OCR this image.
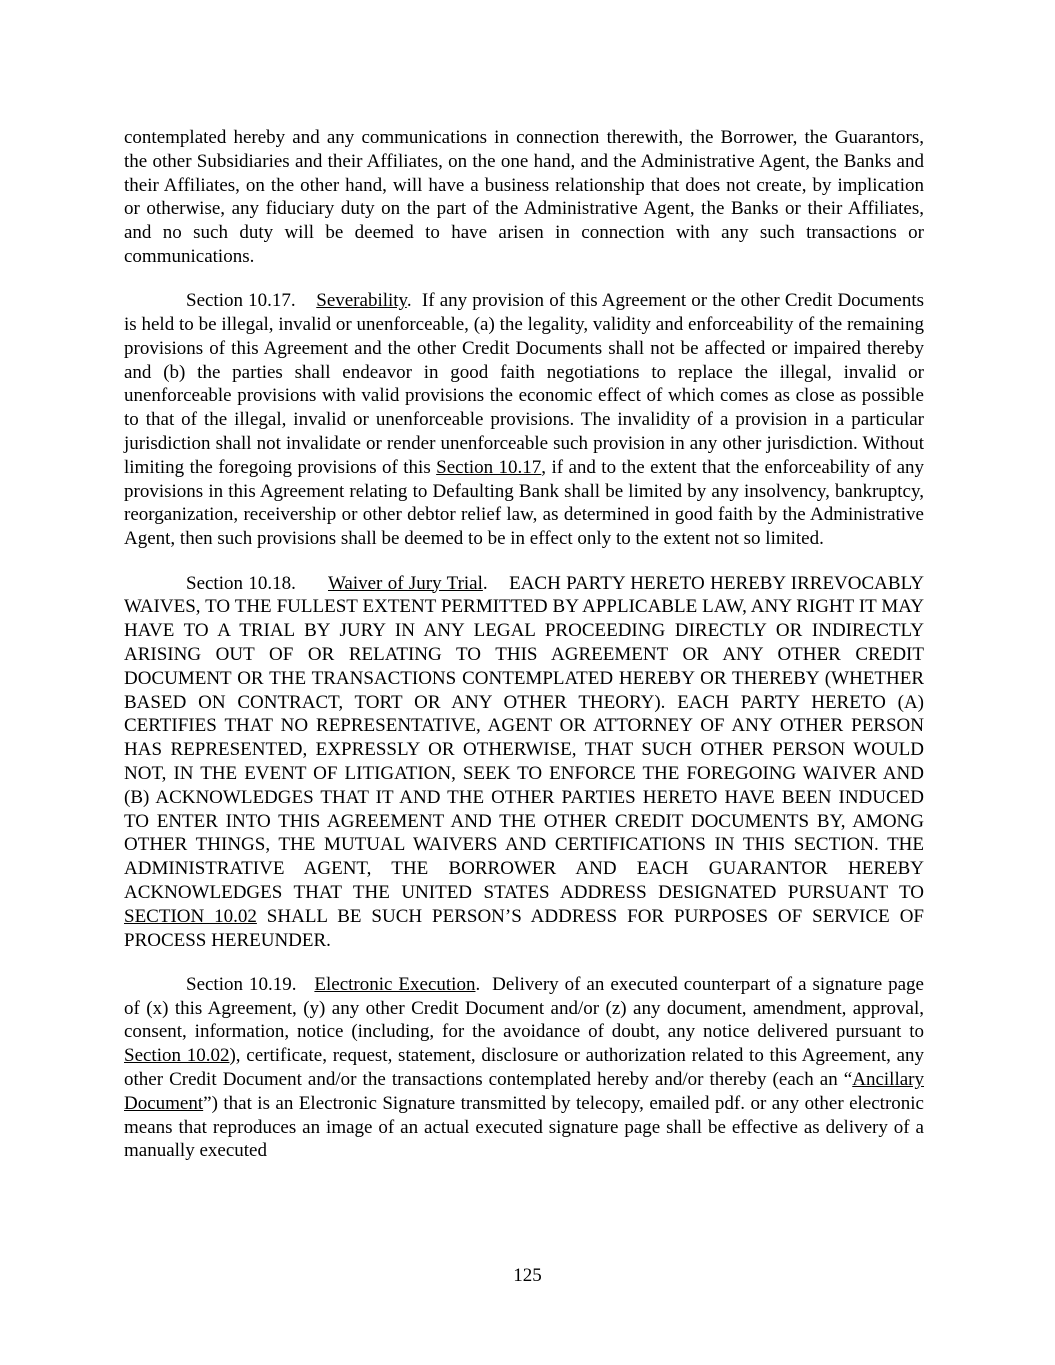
contemplated hereby and any communications in connection therewith, the Borrower, the Guarantors, the other Subsidiaries and their Affiliates, on the one hand, and the Administrative Agent, the Banks and their Affiliates, on the other hand, will have a business relationship that does not create, by implication or otherwise, any fiduciary duty on the part of the Administrative Agent, the Banks or their Affiliates, and no such duty will be deemed to have arisen in connection with any such transactions or communications.

Section 10.17. Severability.  If any provision of this Agreement or the other Credit Documents is held to be illegal, invalid or unenforceable, (a) the legality, validity and enforceability of the remaining provisions of this Agreement and the other Credit Documents shall not be affected or impaired thereby and (b) the parties shall endeavor in good faith negotiations to replace the illegal, invalid or unenforceable provisions with valid provisions the economic effect of which comes as close as possible to that of the illegal, invalid or unenforceable provisions. The invalidity of a provision in a particular jurisdiction shall not invalidate or render unenforceable such provision in any other jurisdiction. Without limiting the foregoing provisions of this Section 10.17, if and to the extent that the enforceability of any provisions in this Agreement relating to Defaulting Bank shall be limited by any insolvency, bankruptcy, reorganization, receivership or other debtor relief law, as determined in good faith by the Administrative Agent, then such provisions shall be deemed to be in effect only to the extent not so limited.

Section 10.18. Waiver of Jury Trial.    EACH PARTY HERETO HEREBY IRREVOCABLY WAIVES, TO THE FULLEST EXTENT PERMITTED BY APPLICABLE LAW, ANY RIGHT IT MAY HAVE TO A TRIAL BY JURY IN ANY LEGAL PROCEEDING DIRECTLY OR INDIRECTLY ARISING OUT OF OR RELATING TO THIS AGREEMENT OR ANY OTHER CREDIT DOCUMENT OR THE TRANSACTIONS CONTEMPLATED HEREBY OR THEREBY (WHETHER BASED ON CONTRACT, TORT OR ANY OTHER THEORY). EACH PARTY HERETO (A) CERTIFIES THAT NO REPRESENTATIVE, AGENT OR ATTORNEY OF ANY OTHER PERSON HAS REPRESENTED, EXPRESSLY OR OTHERWISE, THAT SUCH OTHER PERSON WOULD NOT, IN THE EVENT OF LITIGATION, SEEK TO ENFORCE THE FOREGOING WAIVER AND (B) ACKNOWLEDGES THAT IT AND THE OTHER PARTIES HERETO HAVE BEEN INDUCED TO ENTER INTO THIS AGREEMENT AND THE OTHER CREDIT DOCUMENTS BY, AMONG OTHER THINGS, THE MUTUAL WAIVERS AND CERTIFICATIONS IN THIS SECTION. THE ADMINISTRATIVE AGENT, THE BORROWER AND EACH GUARANTOR HEREBY ACKNOWLEDGES THAT THE UNITED STATES ADDRESS DESIGNATED PURSUANT TO SECTION 10.02 SHALL BE SUCH PERSON’S ADDRESS FOR PURPOSES OF SERVICE OF PROCESS HEREUNDER.

Section 10.19. Electronic Execution.  Delivery of an executed counterpart of a signature page of (x) this Agreement, (y) any other Credit Document and/or (z) any document, amendment, approval, consent, information, notice (including, for the avoidance of doubt, any notice delivered pursuant to Section 10.02), certificate, request, statement, disclosure or authorization related to this Agreement, any other Credit Document and/or the transactions contemplated hereby and/or thereby (each an “Ancillary Document”) that is an Electronic Signature transmitted by telecopy, emailed pdf. or any other electronic means that reproduces an image of an actual executed signature page shall be effective as delivery of a manually executed

125
